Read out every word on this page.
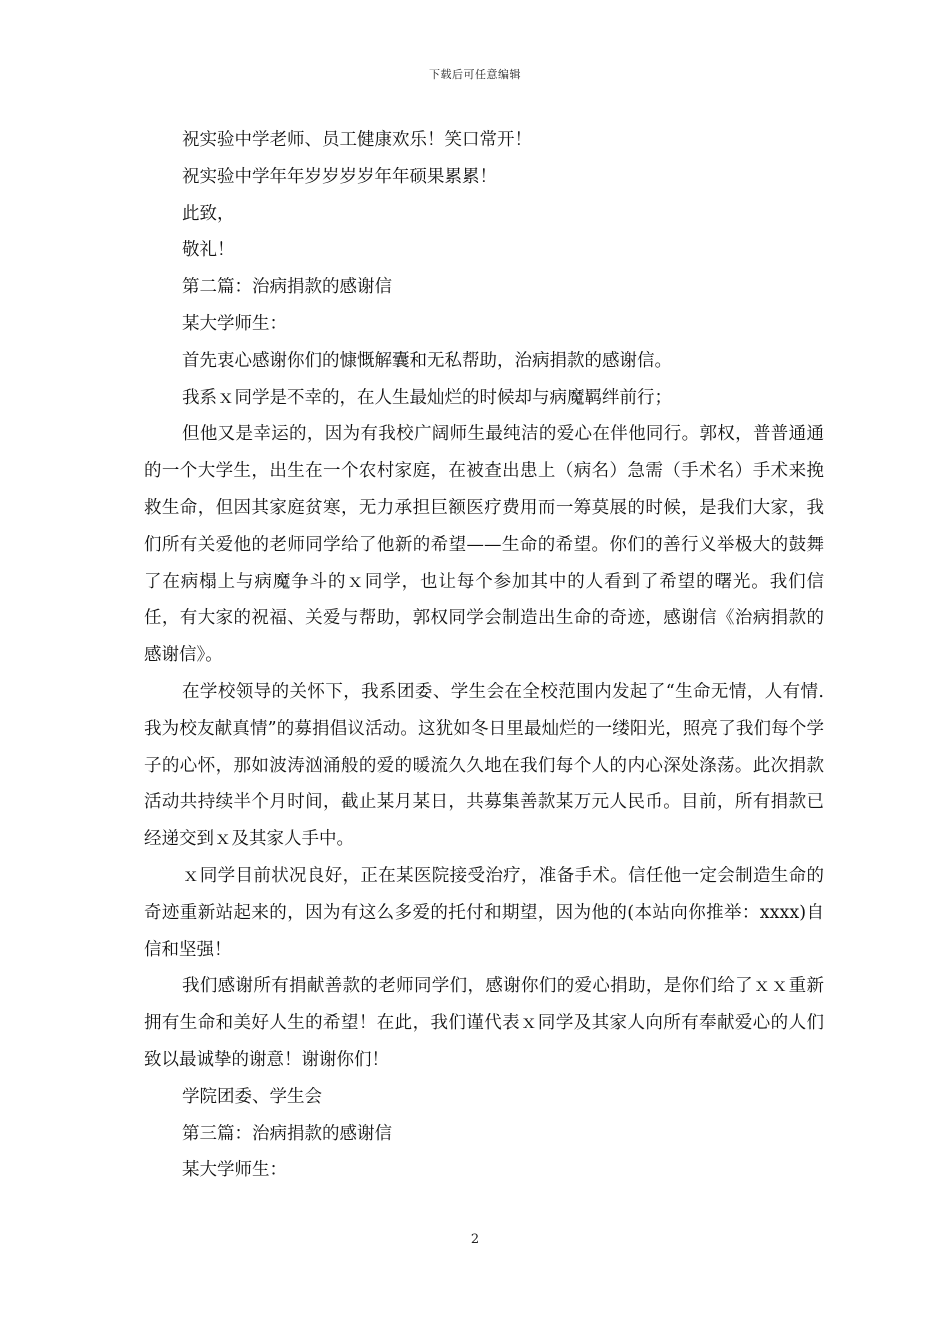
下载后可任意编辑

祝实验中学老师、员工健康欢乐！笑口常开！

祝实验中学年年岁岁岁岁年年硕果累累！

此致，

敬礼！

第二篇：治病捐款的感谢信

某大学师生：

首先衷心感谢你们的慷慨解囊和无私帮助，治病捐款的感谢信。

我系ｘ同学是不幸的，在人生最灿烂的时候却与病魔羁绊前行；

但他又是幸运的，因为有我校广阔师生最纯洁的爱心在伴他同行。郭权，普普通通的一个大学生，出生在一个农村家庭，在被查出患上（病名）急需（手术名）手术来挽救生命，但因其家庭贫寒，无力承担巨额医疗费用而一筹莫展的时候，是我们大家，我们所有关爱他的老师同学给了他新的希望——生命的希望。你们的善行义举极大的鼓舞了在病榻上与病魔争斗的ｘ同学，也让每个参加其中的人看到了希望的曙光。我们信任，有大家的祝福、关爱与帮助，郭权同学会制造出生命的奇迹，感谢信《治病捐款的感谢信》。

在学校领导的关怀下，我系团委、学生会在全校范围内发起了“生命无情，人有情.我为校友献真情”的募捐倡议活动。这犹如冬日里最灿烂的一缕阳光，照亮了我们每个学子的心怀，那如波涛汹涌般的爱的暖流久久地在我们每个人的内心深处涤荡。此次捐款活动共持续半个月时间，截止某月某日，共募集善款某万元人民币。目前，所有捐款已经递交到ｘ及其家人手中。

ｘ同学目前状况良好，正在某医院接受治疗，准备手术。信任他一定会制造生命的奇迹重新站起来的，因为有这么多爱的托付和期望，因为他的(本站向你推举：xxxx)自信和坚强！

我们感谢所有捐献善款的老师同学们，感谢你们的爱心捐助，是你们给了ｘｘ重新拥有生命和美好人生的希望！在此，我们谨代表ｘ同学及其家人向所有奉献爱心的人们致以最诚挚的谢意！谢谢你们！

学院团委、学生会

第三篇：治病捐款的感谢信

某大学师生：

2
